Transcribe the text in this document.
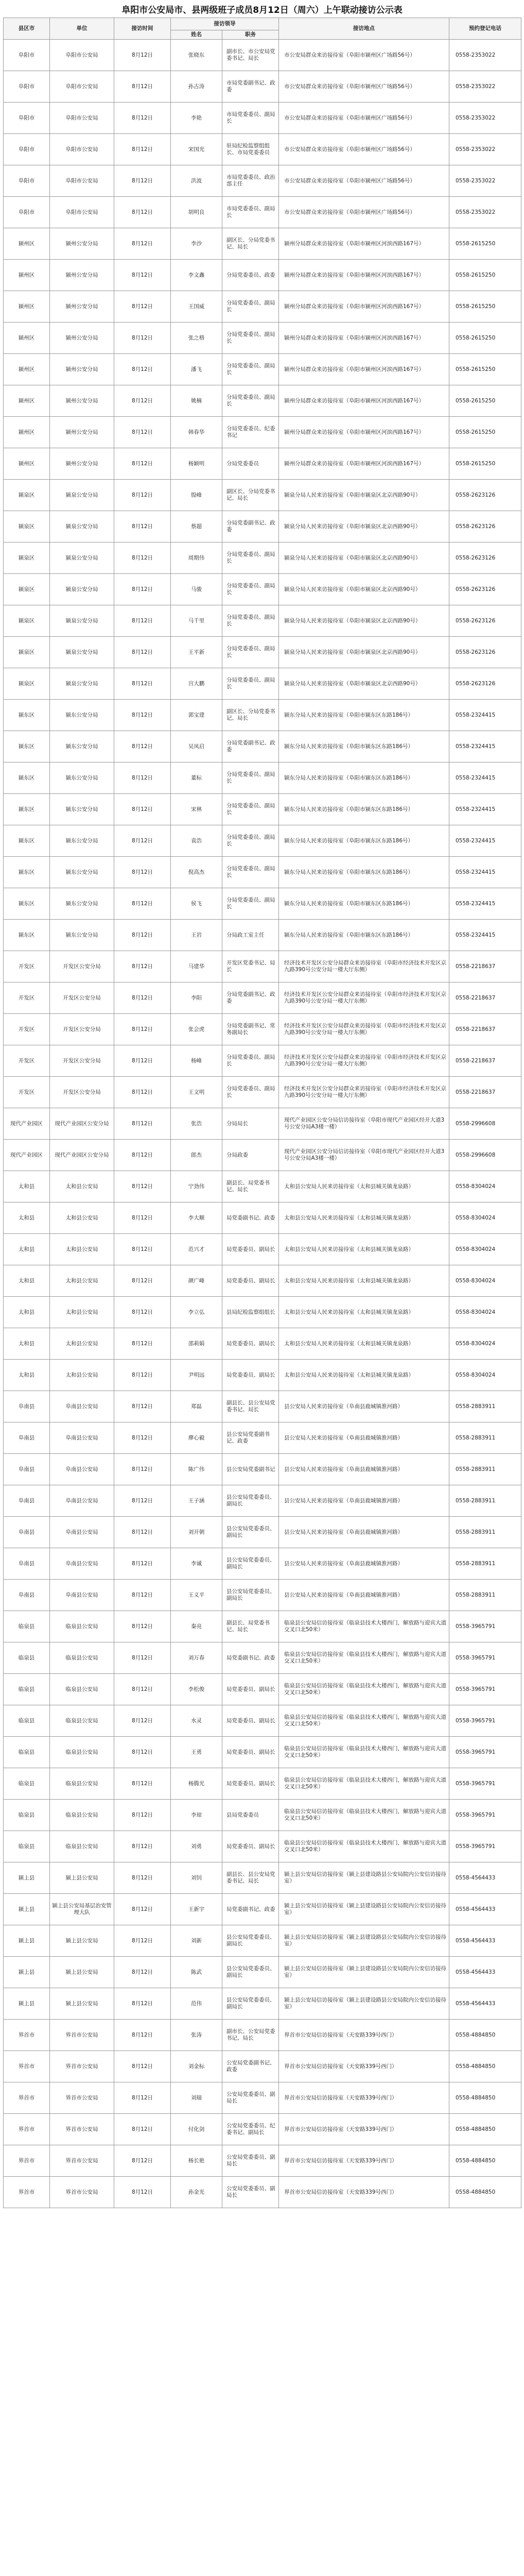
阜阳市公安局市、县两级班子成员8月12日（周六）上午联动接访公示表
县区市	单位	接访时间	接访领导		接访地点	预约登记电话
			姓名	职务		
阜阳市	阜阳市公安局	8月12日	张晓东	副市长、市公安局党委书记、局长	市公安局群众来访接待室（阜阳市颍州区广场路56号）	0558-2353022
阜阳市	阜阳市公安局	8月12日	孙古涛	市局党委副书记、政委	市公安局群众来访接待室（阜阳市颍州区广场路56号）	0558-2353022
阜阳市	阜阳市公安局	8月12日	李艳	市局党委委员、副局长	市公安局群众来访接待室（阜阳市颍州区广场路56号）	0558-2353022
阜阳市	阜阳市公安局	8月12日	宋国光	驻局纪检监察组组长、市局党委委员	市公安局群众来访接待室（阜阳市颍州区广场路56号）	0558-2353022
阜阳市	阜阳市公安局	8月12日	洪波	市局党委委员、政治部主任	市公安局群众来访接待室（阜阳市颍州区广场路56号）	0558-2353022
阜阳市	阜阳市公安局	8月12日	胡明良	市局党委委员、副局长	市公安局群众来访接待室（阜阳市颍州区广场路56号）	0558-2353022
颍州区	颍州公安分局	8月12日	李沙	副区长、分局党委书记、局长	颍州分局群众来访接待室（阜阳市颍州区河滨西路167号）	0558-2615250
颍州区	颍州公安分局	8月12日	李文鑫	分局党委委员、政委	颍州分局群众来访接待室（阜阳市颍州区河滨西路167号）	0558-2615250
颍州区	颍州公安分局	8月12日	王国威	分局党委委员、副局长	颍州分局群众来访接待室（阜阳市颍州区河滨西路167号）	0558-2615250
颍州区	颍州公安分局	8月12日	张之格	分局党委委员、副局长	颍州分局群众来访接待室（阜阳市颍州区河滨西路167号）	0558-2615250
颍州区	颍州公安分局	8月12日	潘飞	分局党委委员、副局长	颍州分局群众来访接待室（阜阳市颍州区河滨西路167号）	0558-2615250
颍州区	颍州公安分局	8月12日	姚楠	分局党委委员、副局长	颍州分局群众来访接待室（阜阳市颍州区河滨西路167号）	0558-2615250
颍州区	颍州公安分局	8月12日	韩春华	分局党委委员、纪委书记	颍州分局群众来访接待室（阜阳市颍州区河滨西路167号）	0558-2615250
颍州区	颍州公安分局	8月12日	杨颖明	分局党委委员	颍州分局群众来访接待室（阜阳市颍州区河滨西路167号）	0558-2615250
颍泉区	颍泉公安分局	8月12日	殷峰	副区长、分局党委书记、局长	颍泉分局人民来访接待室（阜阳市颍泉区北京西路90号）	0558-2623126
颍泉区	颍泉公安分局	8月12日	蔡超	分局党委副书记、政委	颍泉分局人民来访接待室（阜阳市颍泉区北京西路90号）	0558-2623126
颍泉区	颍泉公安分局	8月12日	周期伟	分局党委委员、副局长	颍泉分局人民来访接待室（阜阳市颍泉区北京西路90号）	0558-2623126
颍泉区	颍泉公安分局	8月12日	马骏	分局党委委员、副局长	颍泉分局人民来访接待室（阜阳市颍泉区北京西路90号）	0558-2623126
颍泉区	颍泉公安分局	8月12日	马千里	分局党委委员、副局长	颍泉分局人民来访接待室（阜阳市颍泉区北京西路90号）	0558-2623126
颍泉区	颍泉公安分局	8月12日	王平新	分局党委委员、副局长	颍泉分局人民来访接待室（阜阳市颍泉区北京西路90号）	0558-2623126
颍泉区	颍泉公安分局	8月12日	宫大鹏	分局党委委员、副局长	颍泉分局人民来访接待室（阜阳市颍泉区北京西路90号）	0558-2623126
颍东区	颍东公安分局	8月12日	郭宝建	副区长、分局党委书记、局长	颍东分局人民来访接待室（阜阳市颍东区东路186号）	0558-2324415
颍东区	颍东公安分局	8月12日	吴凤启	分局党委副书记、政委	颍东分局人民来访接待室（阜阳市颍东区东路186号）	0558-2324415
颍东区	颍东公安分局	8月12日	董标	分局党委委员、副局长	颍东分局人民来访接待室（阜阳市颍东区东路186号）	0558-2324415
颍东区	颍东公安分局	8月12日	宋林	分局党委委员、副局长	颍东分局人民来访接待室（阜阳市颍东区东路186号）	0558-2324415
颍东区	颍东公安分局	8月12日	袁浩	分局党委委员、副局长	颍东分局人民来访接待室（阜阳市颍东区东路186号）	0558-2324415
颍东区	颍东公安分局	8月12日	倪高杰	分局党委委员、副局长	颍东分局人民来访接待室（阜阳市颍东区东路186号）	0558-2324415
颍东区	颍东公安分局	8月12日	侯飞	分局党委委员、副局长	颍东分局人民来访接待室（阜阳市颍东区东路186号）	0558-2324415
颍东区	颍东公安分局	8月12日	王岩	分局政工室主任	颍东分局人民来访接待室（阜阳市颍东区东路186号）	0558-2324415
开发区	开发区公安分局	8月12日	马建华	开发区党委书记、局长	经济技术开发区公安分局群众来访接待室（阜阳市经济技术开发区京九路390号公安分局一楼大厅东侧）	0558-2218637
开发区	开发区公安分局	8月12日	李阳	分局党委副书记、政委	经济技术开发区公安分局群众来访接待室（阜阳市经济技术开发区京九路390号公安分局一楼大厅东侧）	0558-2218637
开发区	开发区公安分局	8月12日	张会虎	分局党委副书记、常务副局长	经济技术开发区公安分局群众来访接待室（阜阳市经济技术开发区京九路390号公安分局一楼大厅东侧）	0558-2218637
开发区	开发区公安分局	8月12日	杨峰	分局党委委员、副局长	经济技术开发区公安分局群众来访接待室（阜阳市经济技术开发区京九路390号公安分局一楼大厅东侧）	0558-2218637
开发区	开发区公安分局	8月12日	王文明	分局党委委员、副局长	经济技术开发区公安分局群众来访接待室（阜阳市经济技术开发区京九路390号公安分局一楼大厅东侧）	0558-2218637
现代产业园区	现代产业园区公安分局	8月12日	张浩	分局局长	现代产业园区公安分局信访接待室（阜阳市现代产业园区经开大道3号公安分局A3楼一楼）	0558-2996608
现代产业园区	现代产业园区公安分局	8月12日	郎杰	分局政委	现代产业园区公安分局信访接待室（阜阳市现代产业园区经开大道3号公安分局A3楼一楼）	0558-2996608
太和县	太和县公安局	8月12日	宁劲伟	副县长、局党委书记、局长	太和县公安局人民来访接待室（太和县城关镇龙泉路）	0558-8304024
太和县	太和县公安局	8月12日	李大顺	局党委副书记、政委	太和县公安局人民来访接待室（太和县城关镇龙泉路）	0558-8304024
太和县	太和县公安局	8月12日	范兴才	局党委委员、副局长	太和县公安局人民来访接待室（太和县城关镇龙泉路）	0558-8304024
太和县	太和县公安局	8月12日	颜广峰	局党委委员、副局长	太和县公安局人民来访接待室（太和县城关镇龙泉路）	0558-8304024
太和县	太和县公安局	8月12日	李立弘	县局纪检监察组组长	太和县公安局人民来访接待室（太和县城关镇龙泉路）	0558-8304024
太和县	太和县公安局	8月12日	邵莉娟	局党委委员、副局长	太和县公安局人民来访接待室（太和县城关镇龙泉路）	0558-8304024
太和县	太和县公安局	8月12日	尹明远	局党委委员、副局长	太和县公安局人民来访接待室（太和县城关镇龙泉路）	0558-8304024
阜南县	阜南县公安局	8月12日	郑磊	副县长、县公安局党委书记、局长	县公安局人民来访接待室（阜南县鹿城镇淮河路）	0558-2883911
阜南县	阜南县公安局	8月12日	廖心毅	县公安局党委副书记、政委	县公安局人民来访接待室（阜南县鹿城镇淮河路）	0558-2883911
阜南县	阜南县公安局	8月12日	陈广伟	县公安局党委副书记	县公安局人民来访接待室（阜南县鹿城镇淮河路）	0558-2883911
阜南县	阜南县公安局	8月12日	王子涵	县公安局党委委员、副局长	县公安局人民来访接待室（阜南县鹿城镇淮河路）	0558-2883911
阜南县	阜南县公安局	8月12日	刘开朝	县公安局党委委员、副局长	县公安局人民来访接待室（阜南县鹿城镇淮河路）	0558-2883911
阜南县	阜南县公安局	8月12日	李诚	县公安局党委委员、副局长	县公安局人民来访接待室（阜南县鹿城镇淮河路）	0558-2883911
阜南县	阜南县公安局	8月12日	王义平	县公安局党委委员、副局长	县公安局人民来访接待室（阜南县鹿城镇淮河路）	0558-2883911
临泉县	临泉县公安局	8月12日	秦亮	副县长、局党委书记、局长	临泉县公安局信访接待室（临泉县技术大楼西门，解放路与迎宾大道交叉口北50米）	0558-3965791
临泉县	临泉县公安局	8月12日	刘万春	局党委副书记、政委	临泉县公安局信访接待室（临泉县技术大楼西门，解放路与迎宾大道交叉口北50米）	0558-3965791
临泉县	临泉县公安局	8月12日	李松俊	局党委委员、副局长	临泉县公安局信访接待室（临泉县技术大楼西门，解放路与迎宾大道交叉口北50米）	0558-3965791
临泉县	临泉县公安局	8月12日	水灵	局党委委员、副局长	临泉县公安局信访接待室（临泉县技术大楼西门，解放路与迎宾大道交叉口北50米）	0558-3965791
临泉县	临泉县公安局	8月12日	王勇	局党委委员、副局长	临泉县公安局信访接待室（临泉县技术大楼西门，解放路与迎宾大道交叉口北50米）	0558-3965791
临泉县	临泉县公安局	8月12日	杨腾光	局党委委员、副局长	临泉县公安局信访接待室（临泉县技术大楼西门，解放路与迎宾大道交叉口北50米）	0558-3965791
临泉县	临泉县公安局	8月12日	李琼	县局党委委员	临泉县公安局信访接待室（临泉县技术大楼西门，解放路与迎宾大道交叉口北50米）	0558-3965791
临泉县	临泉县公安局	8月12日	刘勇	局党委委员、副局长	临泉县公安局信访接待室（临泉县技术大楼西门，解放路与迎宾大道交叉口北50米）	0558-3965791
颍上县	颍上县公安局	8月12日	刘钊	副县长、县公安局党委书记、局长	颍上县公安局信访接待室（颍上县建设路县公安局院内公安信访接待室）	0558-4564433
颍上县	颍上县公安局基层治安管理大队	8月12日	王新宇	局党委副书记、政委	颍上县公安局信访接待室（颍上县建设路县公安局院内公安信访接待室）	0558-4564433
颍上县	颍上县公安局	8月12日	刘新	县公安局党委委员、副局长	颍上县公安局信访接待室（颍上县建设路县公安局院内公安信访接待室）	0558-4564433
颍上县	颍上县公安局	8月12日	陈武	县公安局党委委员、副局长	颍上县公安局信访接待室（颍上县建设路县公安局院内公安信访接待室）	0558-4564433
颍上县	颍上县公安局	8月12日	范伟	县公安局党委委员、副局长	颍上县公安局信访接待室（颍上县建设路县公安局院内公安信访接待室）	0558-4564433
界首市	界首市公安局	8月12日	张涛	副市长、公安局党委书记、局长	界首市公安局信访接待室（天安路339号西门）	0558-4884850
界首市	界首市公安局	8月12日	刘金标	公安局党委副书记、政委	界首市公安局信访接待室（天安路339号西门）	0558-4884850
界首市	界首市公安局	8月12日	刘瑞	公安局党委委员、副局长	界首市公安局信访接待室（天安路339号西门）	0558-4884850
界首市	界首市公安局	8月12日	付化剑	公安局党委委员、纪委书记、副局长	界首市公安局信访接待室（天安路339号西门）	0558-4884850
界首市	界首市公安局	8月12日	杨长艳	公安局党委委员、副局长	界首市公安局信访接待室（天安路339号西门）	0558-4884850
界首市	界首市公安局	8月12日	孙金光	公安局党委委员、副局长	界首市公安局信访接待室（天安路339号西门）	0558-4884850
